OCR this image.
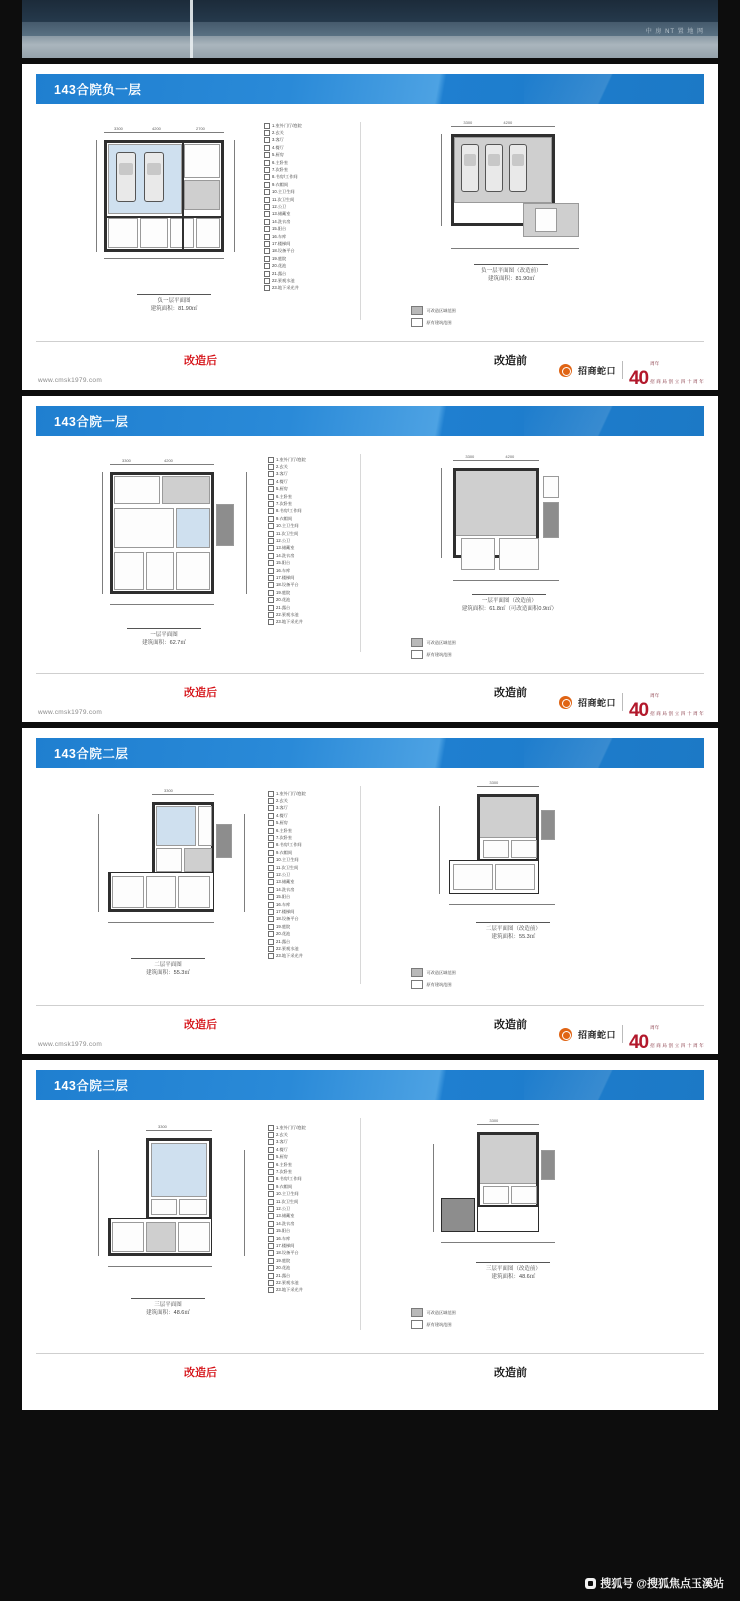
中 房 NT 置 地 网
143合院负一层
3300	4200	2700
1.室外门厅/庭院
2.玄关
3.客厅
4.餐厅
5.厨房
6.主卧室
7.次卧室
8.书房/工作间
9.衣帽间
10.主卫生间
11.次卫生间
12.公卫
13.储藏室
14.洗衣房
15.阳台
16.车库
17.楼梯间
18.设备平台
19.庭院
20.花池
21.露台
22.景观水池
23.地下采光井
负一层平面图
建筑面积：81.90㎡
3300	4200
负一层平面图（改造前）
建筑面积：81.90㎡
可改造区域范围
原有建筑范围
改造后	改造前
www.cmsk1979.com
招商蛇口 40
周年
招 商 局 创 立 四 十 周 年
143合院一层
3300	4200	1.室外门厅/庭院
2.玄关
3.客厅
4.餐厅
5.厨房
6.主卧室
7.次卧室
8.书房/工作间
9.衣帽间
10.主卫生间
11.次卫生间
12.公卫
13.储藏室
14.洗衣房
15.阳台
16.车库
17.楼梯间
18.设备平台
19.庭院
20.花池
21.露台
22.景观水池
23.地下采光井
一层平面图
建筑面积：62.7㎡
3300	4200
一层平面图（改造前）
建筑面积：61.8㎡（可改造面积0.9㎡）
可改造区域范围
原有建筑范围
改造后	改造前
www.cmsk1979.com
招商蛇口 40
周年
招 商 局 创 立 四 十 周 年
143合院二层
3300
1.室外门厅/庭院
2.玄关
3.客厅
4.餐厅
5.厨房
6.主卧室
7.次卧室
8.书房/工作间
9.衣帽间
10.主卫生间
11.次卫生间
12.公卫
13.储藏室
14.洗衣房
15.阳台
16.车库
17.楼梯间
18.设备平台
19.庭院
20.花池
21.露台
22.景观水池
23.地下采光井
二层平面图
建筑面积：55.3㎡
3300
二层平面图（改造前）
建筑面积：55.3㎡
可改造区域范围
原有建筑范围
改造后	改造前
www.cmsk1979.com
招商蛇口 40
周年
招 商 局 创 立 四 十 周 年
143合院三层
3300	1.室外门厅/庭院
2.玄关
3.客厅
4.餐厅
5.厨房
6.主卧室
7.次卧室
8.书房/工作间
9.衣帽间
10.主卫生间
11.次卫生间
12.公卫
13.储藏室
14.洗衣房
15.阳台
16.车库
17.楼梯间
18.设备平台
19.庭院
20.花池
21.露台
22.景观水池
23.地下采光井
三层平面图
建筑面积：48.6㎡
3300
三层平面图（改造前）
建筑面积：48.6㎡
可改造区域范围
原有建筑范围
改造后	改造前
搜狐号 @搜狐焦点玉溪站
